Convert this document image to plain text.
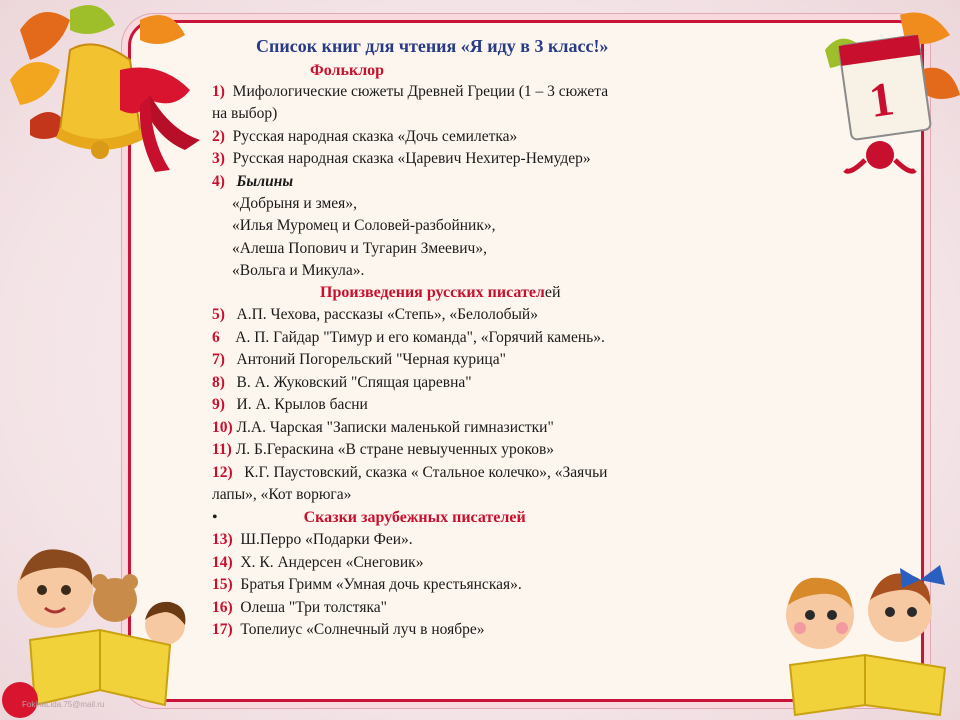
1
Список книг для чтения «Я иду в 3 класс!»
Фольклор
1) Мифологические сюжеты Древней Греции (1 – 3 сюжета
на выбор)
2) Русская народная сказка «Дочь семилетка»
3) Русская народная сказка «Царевич Нехитер-Немудер»
4) Былины
«Добрыня и змея»,
«Илья Муромец и Соловей-разбойник»,
«Алеша Попович и Тугарин Змеевич»,
«Вольга и Микула».
Произведения русских писателей
5) А.П. Чехова, рассказы «Степь», «Белолобый»
6 А. П. Гайдар "Тимур и его команда", «Горячий камень».
7) Антоний Погорельский "Черная курица"
8) В. А. Жуковский "Спящая царевна"
9) И. А. Крылов басни
10) Л.А. Чарская "Записки маленькой гимназистки"
11) Л. Б.Гераскина «В стране невыученных уроков»
12) К.Г. Паустовский, сказка « Стальное колечко», «Заячьи
лапы», «Кот ворюга»
•	Сказки зарубежных писателей
13) Ш.Перро «Подарки Феи».
14) Х. К. Андерсен «Снеговик»
15) Братья Гримм «Умная дочь крестьянская».
16) Олеша "Три толстяка"
17) Топелиус «Солнечный луч в ноябре»
FokinaLida.75@mail.ru
